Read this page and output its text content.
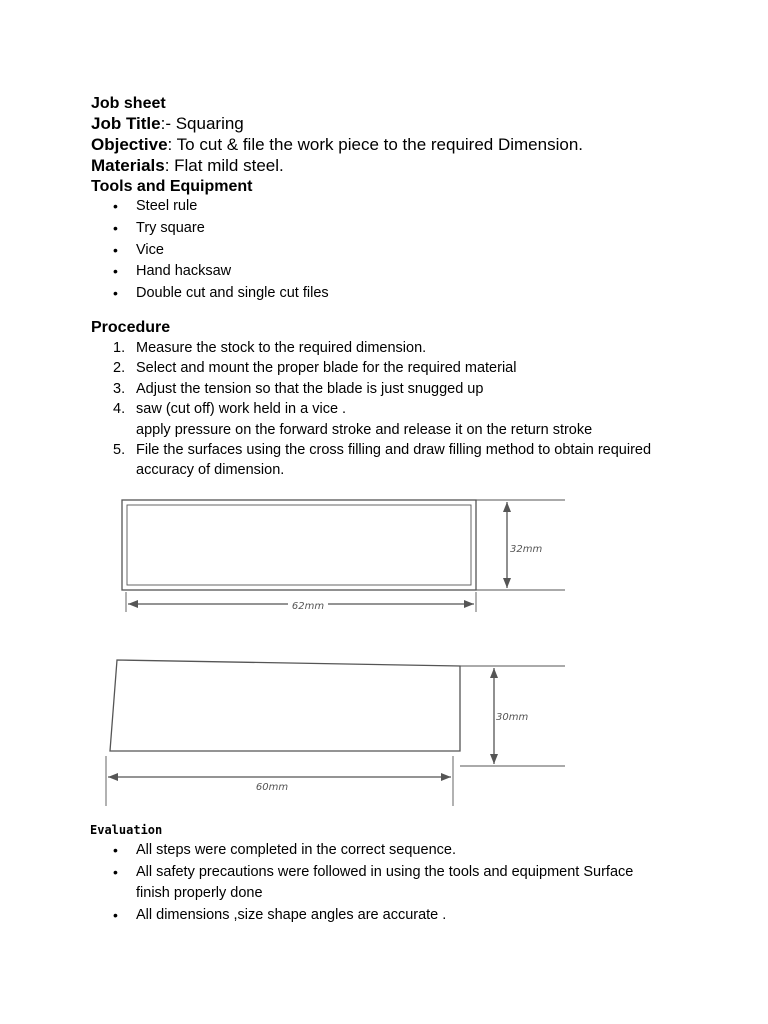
Job sheet
Job Title:- Squaring
Objective: To cut & file the work piece to the required Dimension.
Materials: Flat mild steel.
Tools and Equipment
• Steel rule
• Try square
• Vice
• Hand hacksaw
• Double cut and single cut files
Procedure
1. Measure the stock to the required dimension.
2. Select and mount the proper blade for the required material
3. Adjust the tension so that the blade is just snugged up
4. saw (cut off) work held in a vice .
apply pressure on the forward stroke and release it on the return stroke
5. File the surfaces using the cross filling and draw filling method to obtain required
accuracy of dimension.
62mm
32mm
30mm
60mm
Evaluation
• All steps were completed in the correct sequence.
• All safety precautions were followed in using the tools and equipment Surface
finish properly done
• All dimensions ,size shape angles are accurate .
